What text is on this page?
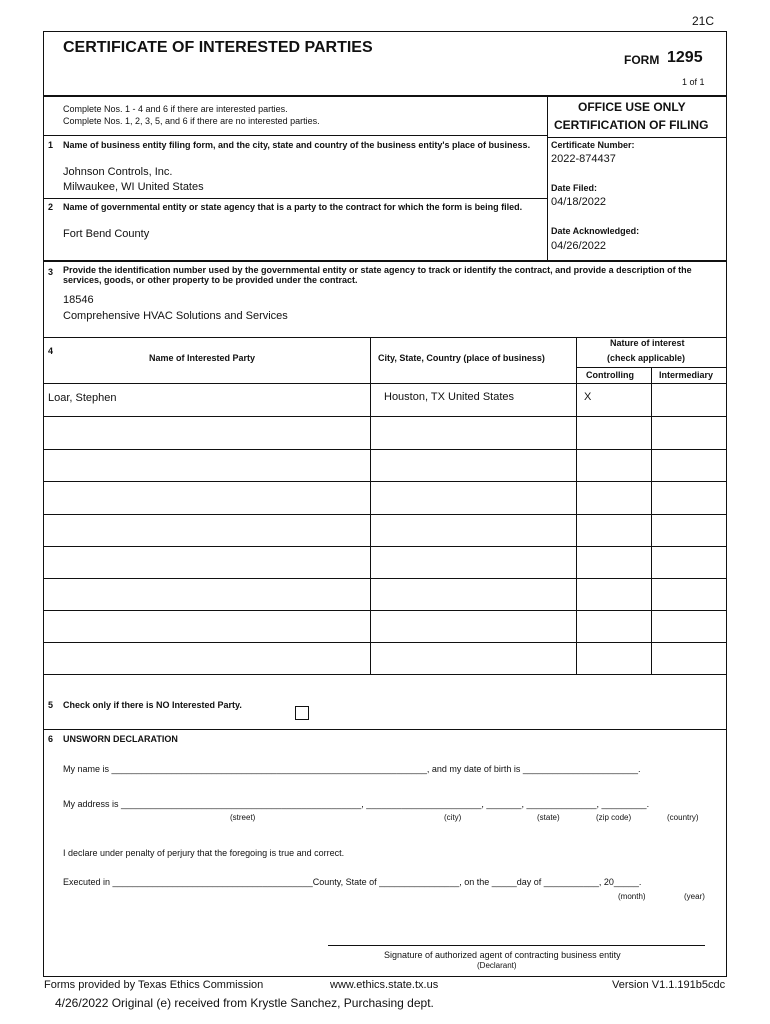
21C
CERTIFICATE OF INTERESTED PARTIES
FORM 1295
1 of 1
OFFICE USE ONLY
CERTIFICATION OF FILING
Certificate Number:
2022-874437
Date Filed:
04/18/2022
Date Acknowledged:
04/26/2022
Complete Nos. 1 - 4 and 6 if there are interested parties.
Complete Nos. 1, 2, 3, 5, and 6 if there are no interested parties.
1 Name of business entity filing form, and the city, state and country of the business entity's place of business.
Johnson Controls, Inc.
Milwaukee, WI United States
2 Name of governmental entity or state agency that is a party to the contract for which the form is being filed.
Fort Bend County
3 Provide the identification number used by the governmental entity or state agency to track or identify the contract, and provide a description of the services, goods, or other property to be provided under the contract.
18546
Comprehensive HVAC Solutions and Services
4
Name of Interested Party	City, State, Country (place of business)
Nature of interest
(check applicable)
Controlling	Intermediary
Loar, Stephen	Houston, TX United States	X
5 Check only if there is NO Interested Party.
6 UNSWORN DECLARATION
My name is _______________________________________________________________, and my date of birth is _______________________.
My address is ________________________________________________, _______________________, _______, ______________, _________.
(street)	(city)	(state)	(zip code)	(country)
I declare under penalty of perjury that the foregoing is true and correct.
Executed in ________________________________________County, State of ________________, on the _____day of ___________, 20_____.
(month)	(year)
Signature of authorized agent of contracting business entity
(Declarant)
Forms provided by Texas Ethics Commission	www.ethics.state.tx.us	Version V1.1.191b5cdc
4/26/2022 Original (e) received from Krystle Sanchez, Purchasing dept.
